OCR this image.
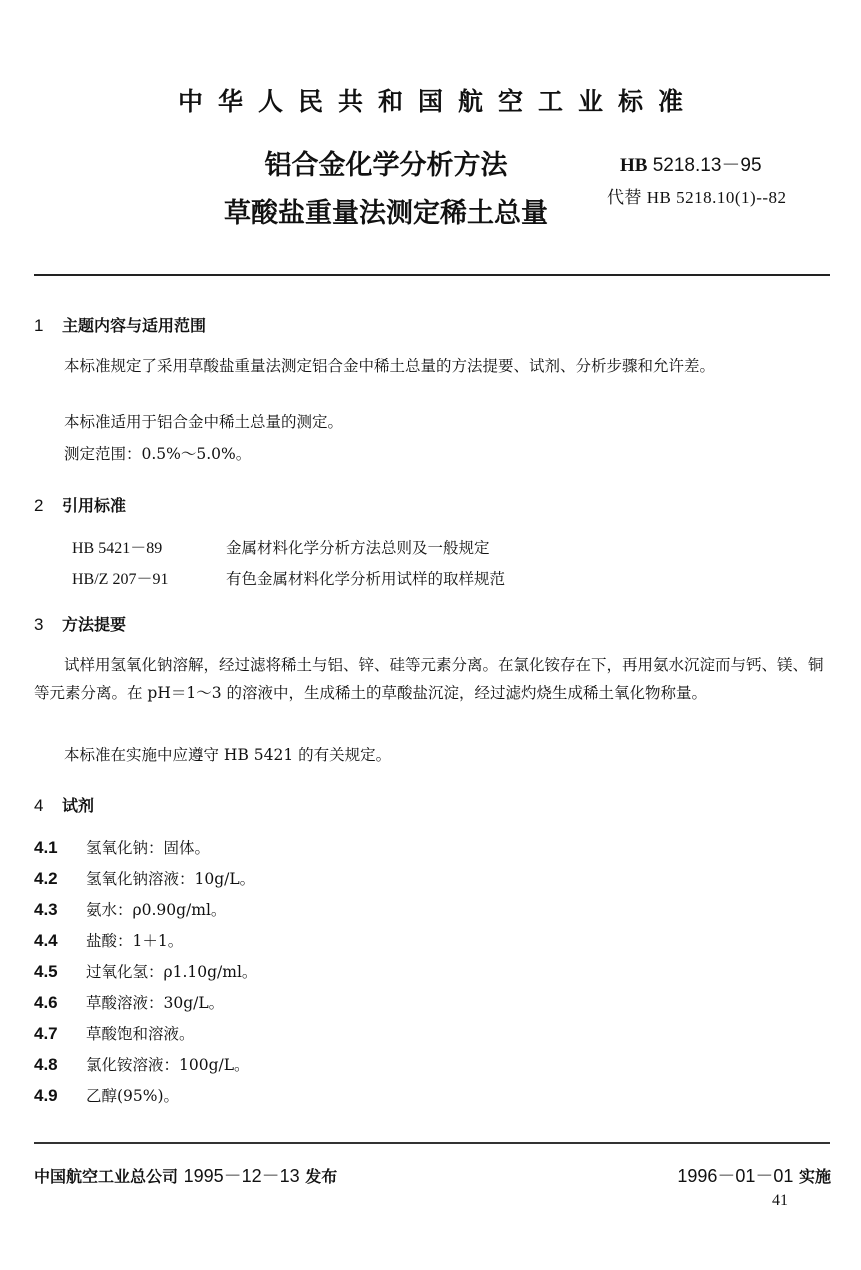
中华人民共和国航空工业标准
铝合金化学分析方法
草酸盐重量法测定稀土总量
HB 5218.13－95
代替 HB 5218.10(1)--82
1 主题内容与适用范围
本标准规定了采用草酸盐重量法测定铝合金中稀土总量的方法提要、试剂、分析步骤和允许差。
本标准适用于铝合金中稀土总量的测定。
测定范围：0.5%～5.0%。
2 引用标准
HB 5421－89	金属材料化学分析方法总则及一般规定
HB/Z 207－91	有色金属材料化学分析用试样的取样规范
3 方法提要
试样用氢氧化钠溶解，经过滤将稀土与铝、锌、硅等元素分离。在氯化铵存在下，再用氨水沉淀而与钙、镁、铜等元素分离。在 pH＝1～3 的溶液中，生成稀土的草酸盐沉淀，经过滤灼烧生成稀土氧化物称量。
本标准在实施中应遵守 HB 5421 的有关规定。
4 试剂
4.1 氢氧化钠：固体。
4.2 氢氧化钠溶液：10g/L。
4.3 氨水：ρ0.90g/ml。
4.4 盐酸：1＋1。
4.5 过氧化氢：ρ1.10g/ml。
4.6 草酸溶液：30g/L。
4.7 草酸饱和溶液。
4.8 氯化铵溶液：100g/L。
4.9 乙醇(95%)。
中国航空工业总公司 1995－12－13 发布	1996－01－01 实施
41
